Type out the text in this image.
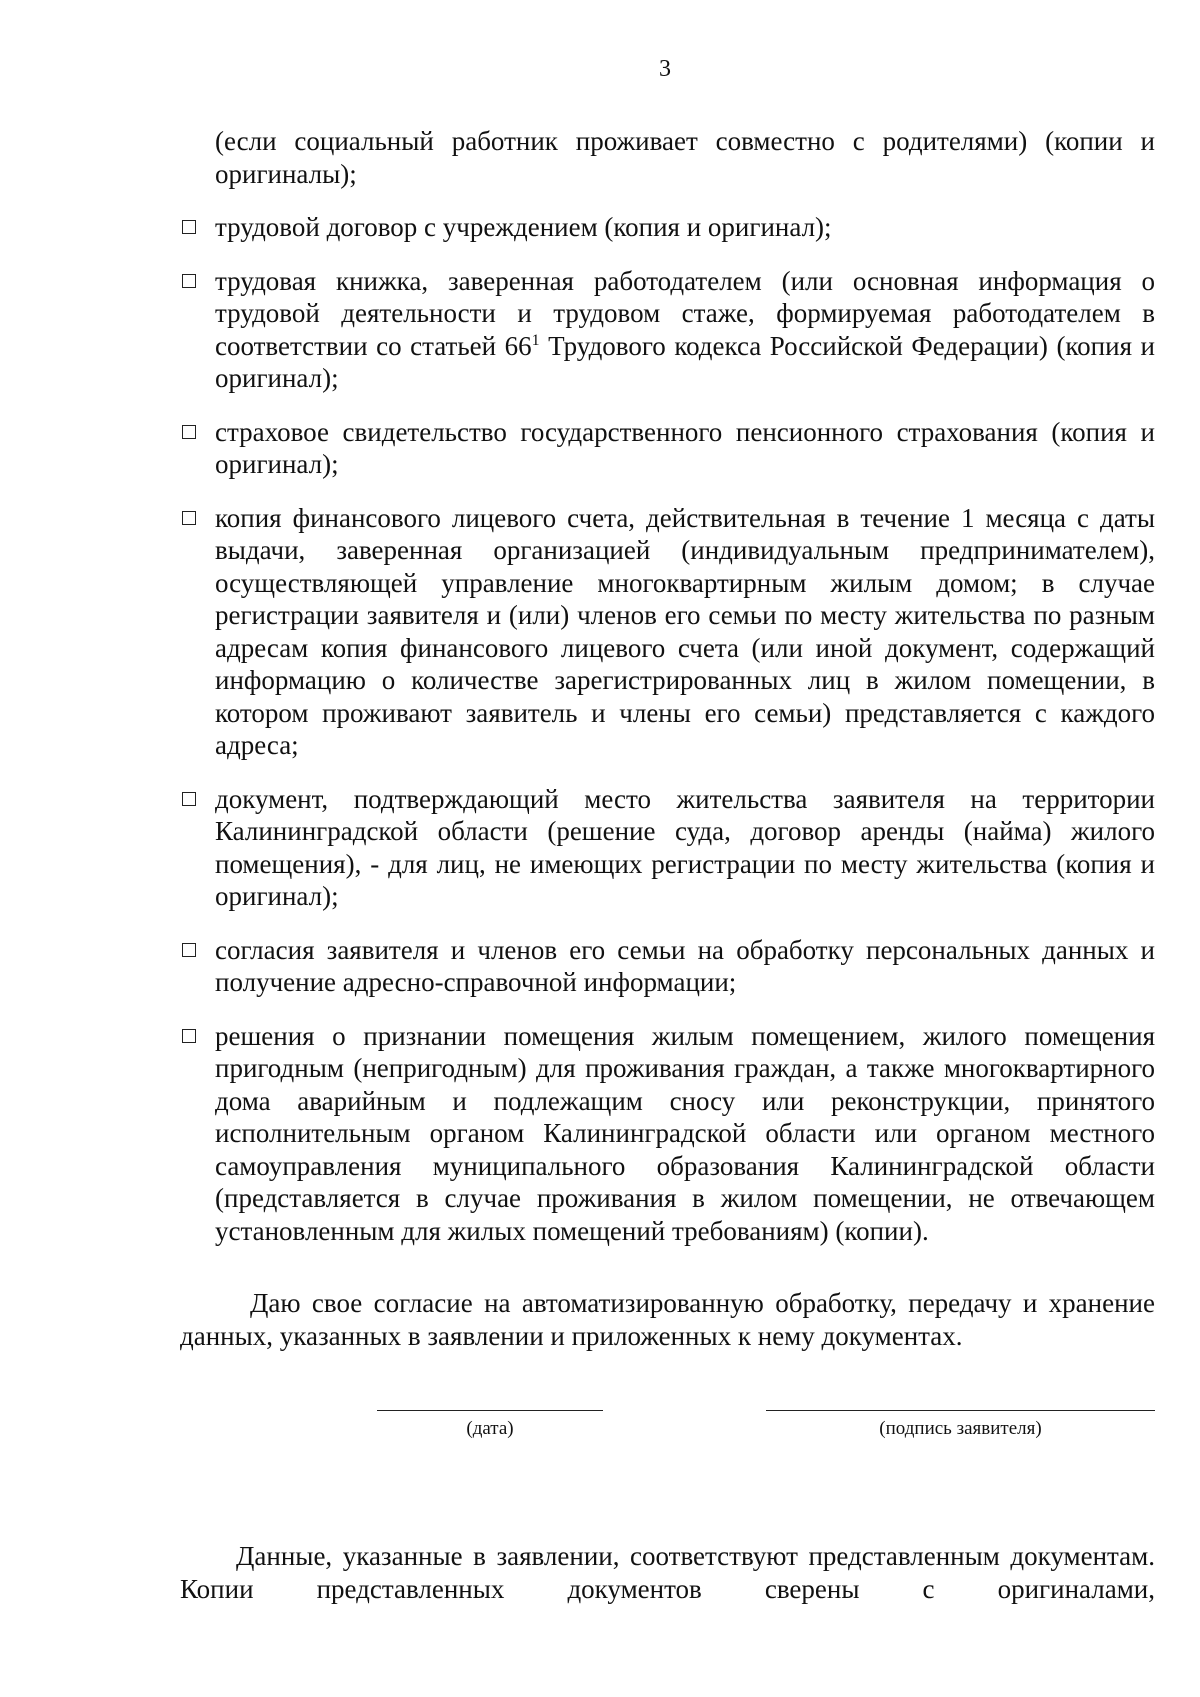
3

(если социальный работник проживает совместно с родителями) (копии и оригиналы);

трудовой договор с учреждением (копия и оригинал);
трудовая книжка, заверенная работодателем (или основная информация о трудовой деятельности и трудовом стаже, формируемая работодателем в соответствии со статьей $66^1$ Трудового кодекса Российской Федерации) (копия и оригинал);
страховое свидетельство государственного пенсионного страхования (копия и оригинал);
копия финансового лицевого счета, действительная в течение 1 месяца с даты выдачи, заверенная организацией (индивидуальным предпринимателем), осуществляющей управление многоквартирным жилым домом; в случае регистрации заявителя и (или) членов его семьи по месту жительства по разным адресам копия финансового лицевого счета (или иной документ, содержащий информацию о количестве зарегистрированных лиц в жилом помещении, в котором проживают заявитель и члены его семьи) представляется с каждого адреса;
документ, подтверждающий место жительства заявителя на территории Калининградской области (решение суда, договор аренды (найма) жилого помещения), - для лиц, не имеющих регистрации по месту жительства (копия и оригинал);
согласия заявителя и членов его семьи на обработку персональных данных и получение адресно-справочной информации;
решения о признании помещения жилым помещением, жилого помещения пригодным (непригодным) для проживания граждан, а также многоквартирного дома аварийным и подлежащим сносу или реконструкции, принятого исполнительным органом Калининградской области или органом местного самоуправления муниципального образования Калининградской области (представляется в случае проживания в жилом помещении, не отвечающем установленным для жилых помещений требованиям) (копии).

Даю свое согласие на автоматизированную обработку, передачу и хранение данных, указанных в заявлении и приложенных к нему документах.

(дата)	(подпись заявителя)

Данные, указанные в заявлении, соответствуют представленным документам. Копии представленных документов сверены с оригиналами,
